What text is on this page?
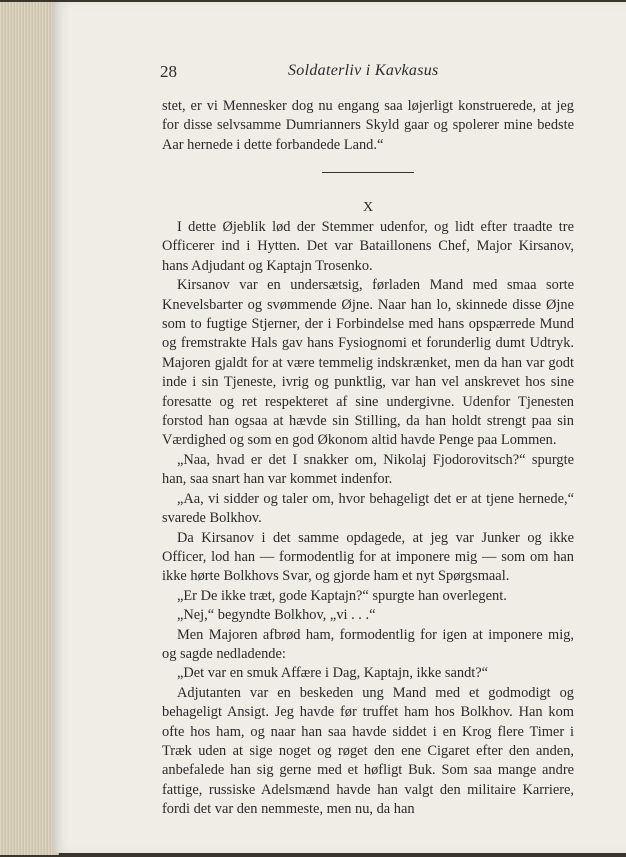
28	Soldaterliv i Kavkasus

stet, er vi Mennesker dog nu engang saa løjerligt konstruerede, at jeg for disse selvsamme Dumrianners Skyld gaar og spolerer mine bedste Aar hernede i dette forbandede Land.“

X

I dette Øjeblik lød der Stemmer udenfor, og lidt efter traadte tre Officerer ind i Hytten. Det var Bataillonens Chef, Major Kirsanov, hans Adjudant og Kaptajn Trosenko.

Kirsanov var en undersætsig, førladen Mand med smaa sorte Knevelsbarter og svømmende Øjne. Naar han lo, skinnede disse Øjne som to fugtige Stjerner, der i Forbindelse med hans opspærrede Mund og fremstrakte Hals gav hans Fysiognomi et forunderlig dumt Udtryk. Majoren gjaldt for at være temmelig indskrænket, men da han var godt inde i sin Tjeneste, ivrig og punktlig, var han vel anskrevet hos sine foresatte og ret respekteret af sine undergivne. Udenfor Tjenesten forstod han ogsaa at hævde sin Stilling, da han holdt strengt paa sin Værdighed og som en god Økonom altid havde Penge paa Lommen.

„Naa, hvad er det I snakker om, Nikolaj Fjodorovitsch?“ spurgte han, saa snart han var kommet indenfor.

„Aa, vi sidder og taler om, hvor behageligt det er at tjene hernede,“ svarede Bolkhov.

Da Kirsanov i det samme opdagede, at jeg var Junker og ikke Officer, lod han — formodentlig for at imponere mig — som om han ikke hørte Bolkhovs Svar, og gjorde ham et nyt Spørgsmaal.

„Er De ikke træt, gode Kaptajn?“ spurgte han overlegent.

„Nej,“ begyndte Bolkhov, „vi . . .“

Men Majoren afbrød ham, formodentlig for igen at imponere mig, og sagde nedladende:

„Det var en smuk Affære i Dag, Kaptajn, ikke sandt?“

Adjutanten var en beskeden ung Mand med et godmodigt og behageligt Ansigt. Jeg havde før truffet ham hos Bolkhov. Han kom ofte hos ham, og naar han saa havde siddet i en Krog flere Timer i Træk uden at sige noget og røget den ene Cigaret efter den anden, anbefalede han sig gerne med et høfligt Buk. Som saa mange andre fattige, russiske Adelsmænd havde han valgt den militaire Karriere, fordi det var den nemmeste, men nu, da han
